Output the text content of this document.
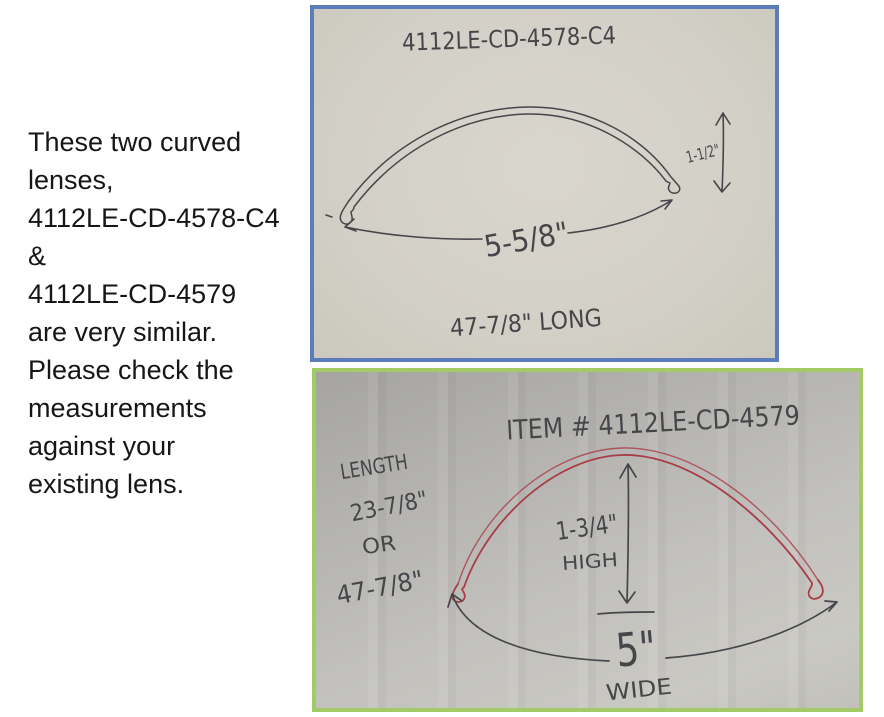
These two curved
lenses,
4112LE-CD-4578-C4
&
4112LE-CD-4579
are very similar.
Please check the
measurements
against your
existing lens.
4112LE-CD-4578-C4
5-5/8"
1-1/2"
47-7/8" LONG
ITEM # 4112LE-CD-4579
LENGTH
23-7/8"
OR
47-7/8"
1-3/4"
HIGH
5"
WIDE
